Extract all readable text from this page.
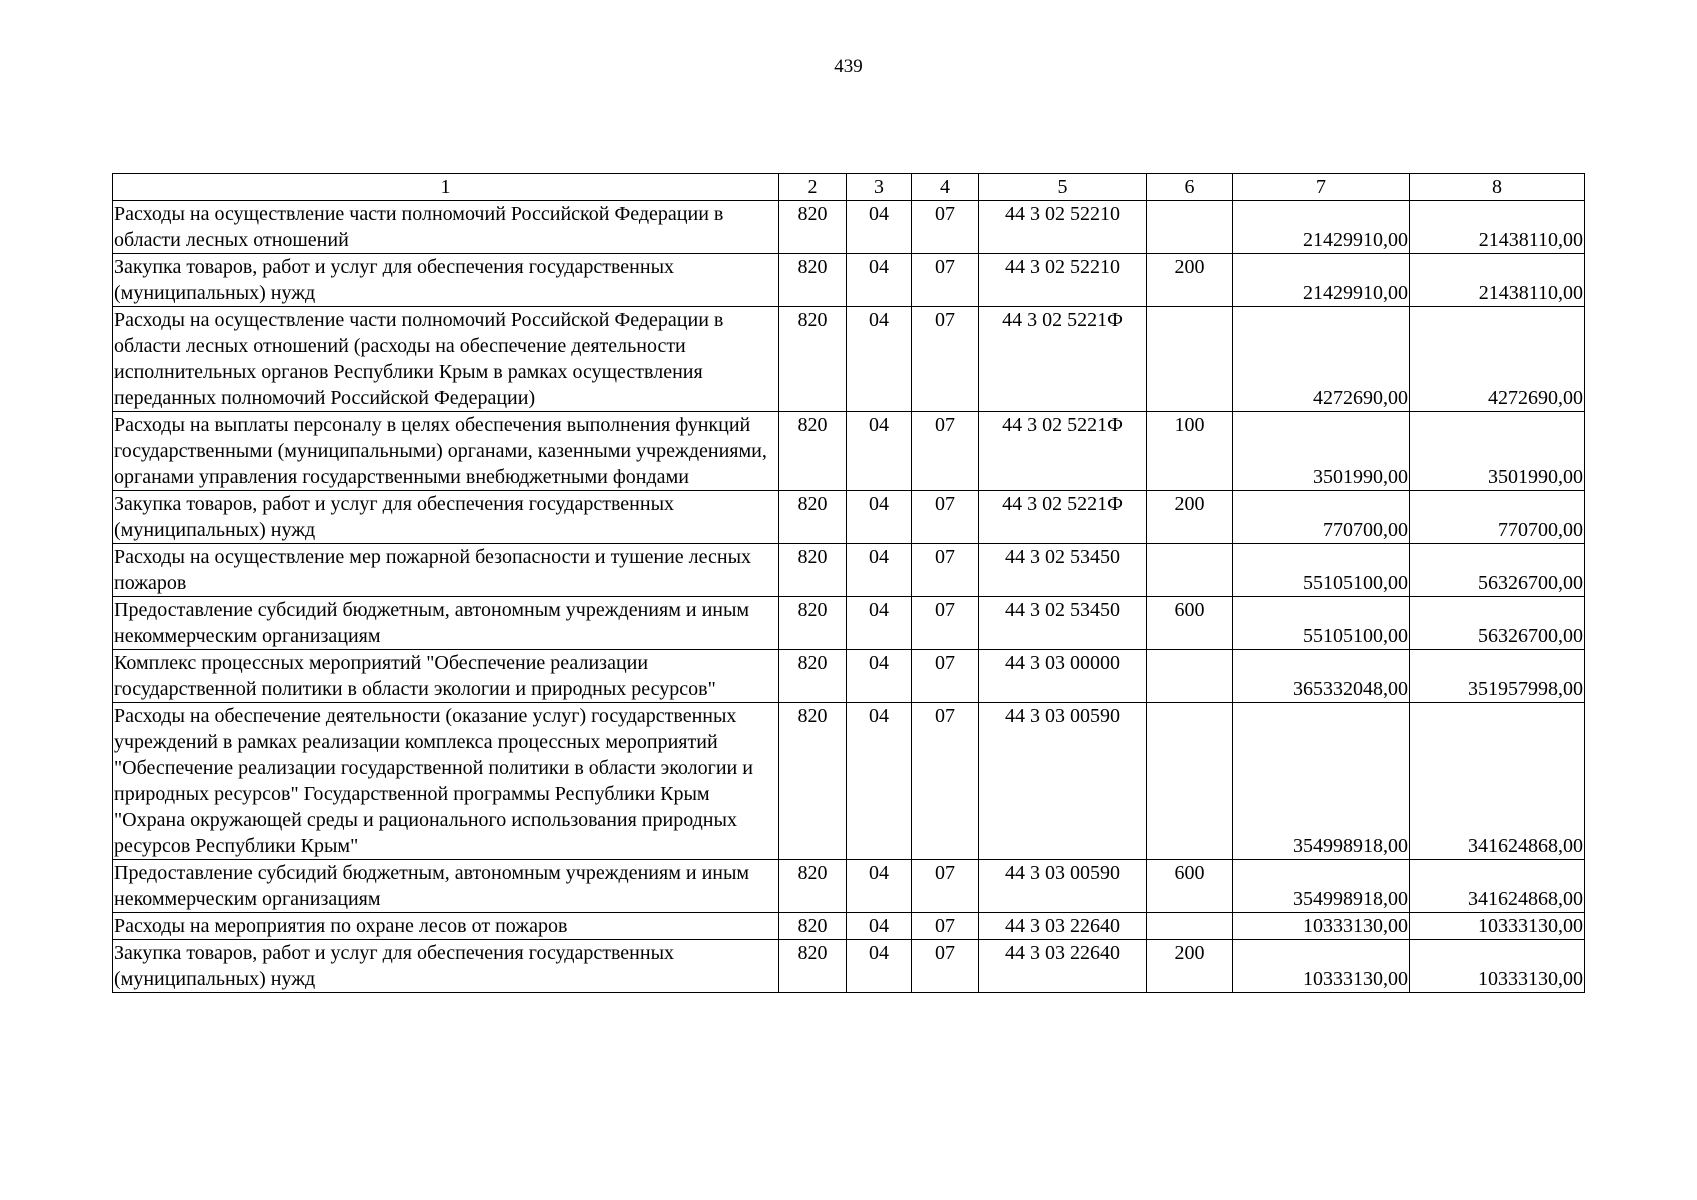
439
1	2	3	4	5	6	7	8
Расходы на осуществление части полномочий Российской Федерации в области лесных отношений	820	04	07	44 3 02 52210		21429910,00	21438110,00
Закупка товаров, работ и услуг для обеспечения государственных (муниципальных) нужд	820	04	07	44 3 02 52210	200	21429910,00	21438110,00
Расходы на осуществление части полномочий Российской Федерации в области лесных отношений (расходы на обеспечение деятельности исполнительных органов Республики Крым в рамках осуществления переданных полномочий Российской Федерации)	820	04	07	44 3 02 5221Ф		4272690,00	4272690,00
Расходы на выплаты персоналу в целях обеспечения выполнения функций государственными (муниципальными) органами, казенными учреждениями, органами управления государственными внебюджетными фондами	820	04	07	44 3 02 5221Ф	100	3501990,00	3501990,00
Закупка товаров, работ и услуг для обеспечения государственных (муниципальных) нужд	820	04	07	44 3 02 5221Ф	200	770700,00	770700,00
Расходы на осуществление мер пожарной безопасности и тушение лесных пожаров	820	04	07	44 3 02 53450		55105100,00	56326700,00
Предоставление субсидий бюджетным, автономным учреждениям и иным некоммерческим организациям	820	04	07	44 3 02 53450	600	55105100,00	56326700,00
Комплекс процессных мероприятий "Обеспечение реализации государственной политики в области экологии и природных ресурсов"	820	04	07	44 3 03 00000		365332048,00	351957998,00
Расходы на обеспечение деятельности (оказание услуг) государственных учреждений в рамках реализации комплекса процессных мероприятий "Обеспечение реализации государственной политики в области экологии и природных ресурсов" Государственной программы Республики Крым "Охрана окружающей среды и рационального использования природных ресурсов Республики Крым"	820	04	07	44 3 03 00590		354998918,00	341624868,00
Предоставление субсидий бюджетным, автономным учреждениям и иным некоммерческим организациям	820	04	07	44 3 03 00590	600	354998918,00	341624868,00
Расходы на мероприятия по охране лесов от пожаров	820	04	07	44 3 03 22640		10333130,00	10333130,00
Закупка товаров, работ и услуг для обеспечения государственных (муниципальных) нужд	820	04	07	44 3 03 22640	200	10333130,00	10333130,00
